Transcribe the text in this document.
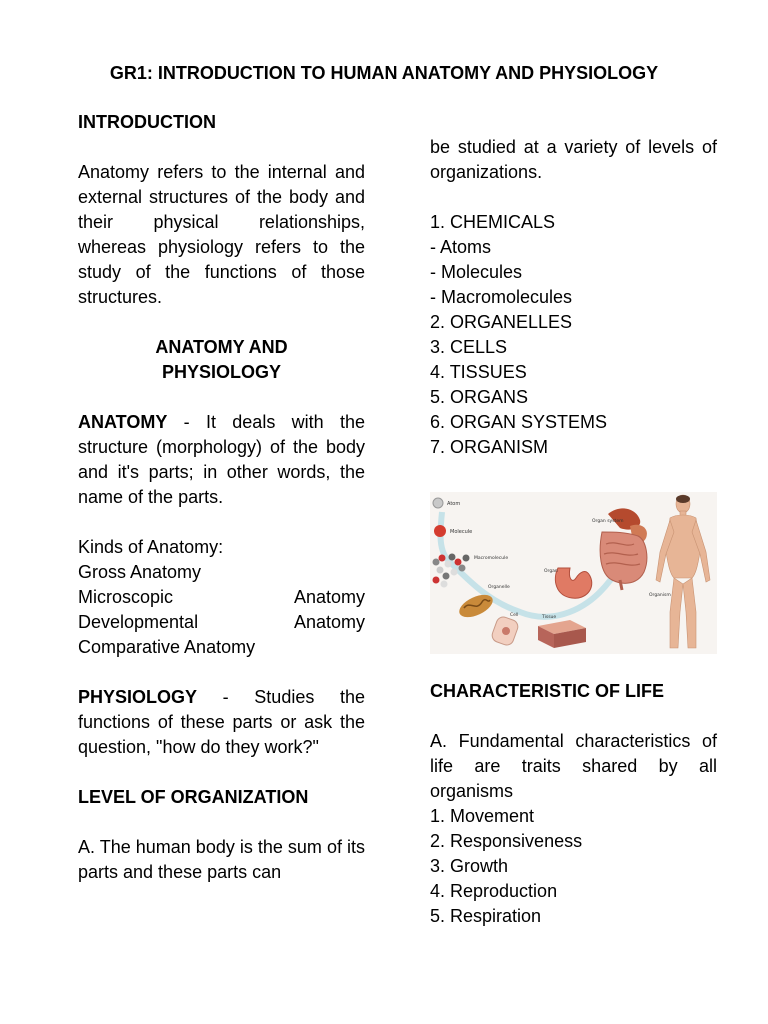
GR1: INTRODUCTION TO HUMAN ANATOMY AND PHYSIOLOGY

INTRODUCTION

Anatomy refers to the internal and external structures of the body and their physical relationships, whereas physiology refers to the study of the functions of those structures.

ANATOMY AND

PHYSIOLOGY

ANATOMY - It deals with the structure (morphology) of the body and it's parts; in other words, the name of the parts.

Kinds of Anatomy:

Gross Anatomy

Microscopic Anatomy

Developmental Anatomy

Comparative Anatomy

PHYSIOLOGY - Studies the functions of these parts or ask the question, "how do they work?"

LEVEL OF ORGANIZATION

A. The human body is the sum of its parts and these parts can

be studied at a variety of levels of organizations.

1. CHEMICALS

- Atoms

- Molecules

- Macromolecules

2. ORGANELLES

3. CELLS

4. TISSUES

5. ORGANS

6. ORGAN SYSTEMS

7. ORGANISM

Atom
Molecule
Macromolecule
Organelle
Cell	Tissue
Organ
Organ system
Organism

CHARACTERISTIC OF LIFE

A. Fundamental characteristics of life are traits shared by all organisms

1. Movement

2. Responsiveness

3. Growth

4. Reproduction

5. Respiration
